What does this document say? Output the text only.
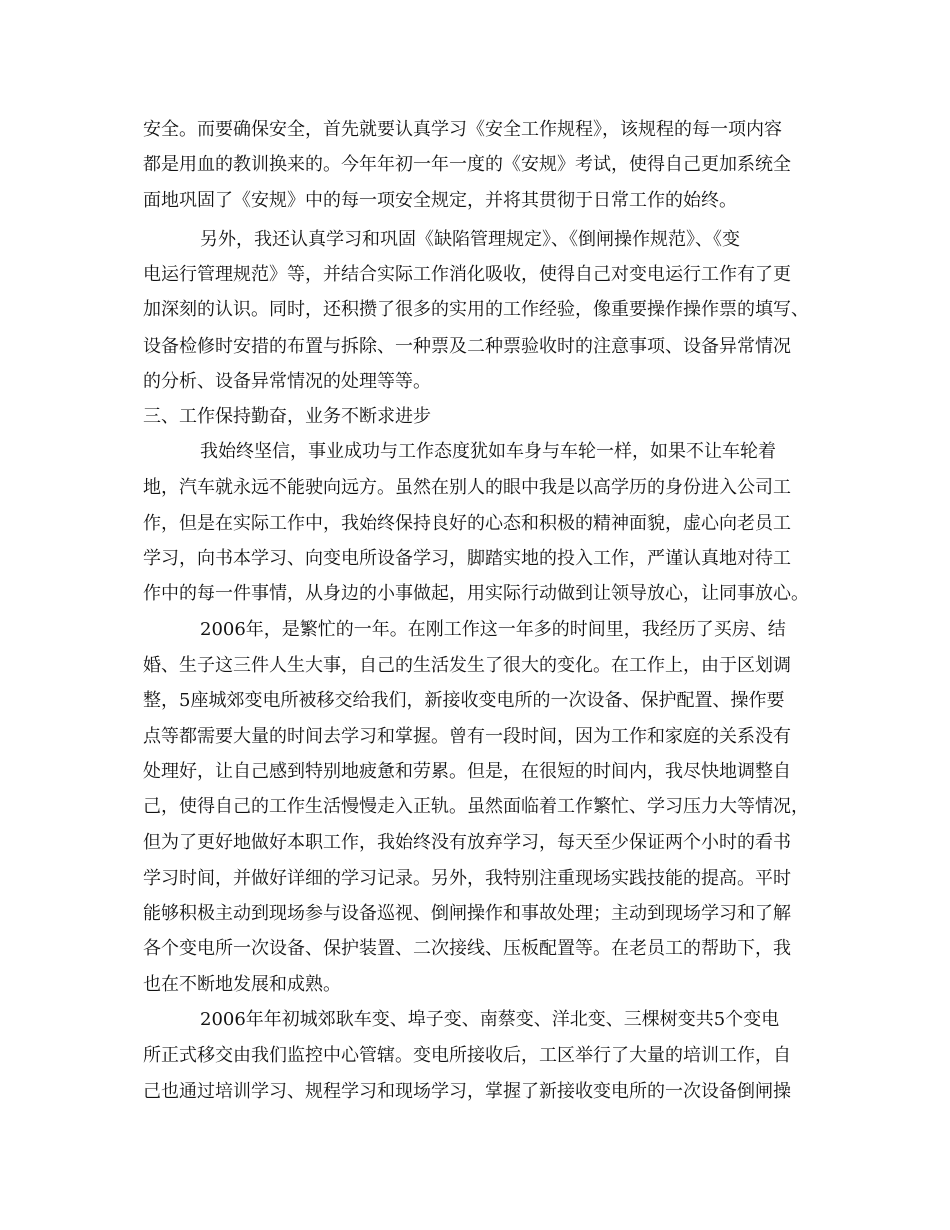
安全。而要确保安全，首先就要认真学习《安全工作规程》，该规程的每一项内容
都是用血的教训换来的。今年年初一年一度的《安规》考试，使得自己更加系统全
面地巩固了《安规》中的每一项安全规定，并将其贯彻于日常工作的始终。
另外，我还认真学习和巩固《缺陷管理规定》、《倒闸操作规范》、《变
电运行管理规范》等，并结合实际工作消化吸收，使得自己对变电运行工作有了更
加深刻的认识。同时，还积攒了很多的实用的工作经验，像重要操作操作票的填写、
设备检修时安措的布置与拆除、一种票及二种票验收时的注意事项、设备异常情况
的分析、设备异常情况的处理等等。
三、工作保持勤奋，业务不断求进步
我始终坚信，事业成功与工作态度犹如车身与车轮一样，如果不让车轮着
地，汽车就永远不能驶向远方。虽然在别人的眼中我是以高学历的身份进入公司工
作，但是在实际工作中，我始终保持良好的心态和积极的精神面貌，虚心向老员工
学习，向书本学习、向变电所设备学习，脚踏实地的投入工作，严谨认真地对待工
作中的每一件事情，从身边的小事做起，用实际行动做到让领导放心，让同事放心。
2006年，是繁忙的一年。在刚工作这一年多的时间里，我经历了买房、结
婚、生子这三件人生大事，自己的生活发生了很大的变化。在工作上，由于区划调
整，5座城郊变电所被移交给我们，新接收变电所的一次设备、保护配置、操作要
点等都需要大量的时间去学习和掌握。曾有一段时间，因为工作和家庭的关系没有
处理好，让自己感到特别地疲惫和劳累。但是，在很短的时间内，我尽快地调整自
己，使得自己的工作生活慢慢走入正轨。虽然面临着工作繁忙、学习压力大等情况，
但为了更好地做好本职工作，我始终没有放弃学习，每天至少保证两个小时的看书
学习时间，并做好详细的学习记录。另外，我特别注重现场实践技能的提高。平时
能够积极主动到现场参与设备巡视、倒闸操作和事故处理；主动到现场学习和了解
各个变电所一次设备、保护装置、二次接线、压板配置等。在老员工的帮助下，我
也在不断地发展和成熟。
2006年年初城郊耿车变、埠子变、南蔡变、洋北变、三棵树变共5个变电
所正式移交由我们监控中心管辖。变电所接收后，工区举行了大量的培训工作，自
己也通过培训学习、规程学习和现场学习，掌握了新接收变电所的一次设备倒闸操
